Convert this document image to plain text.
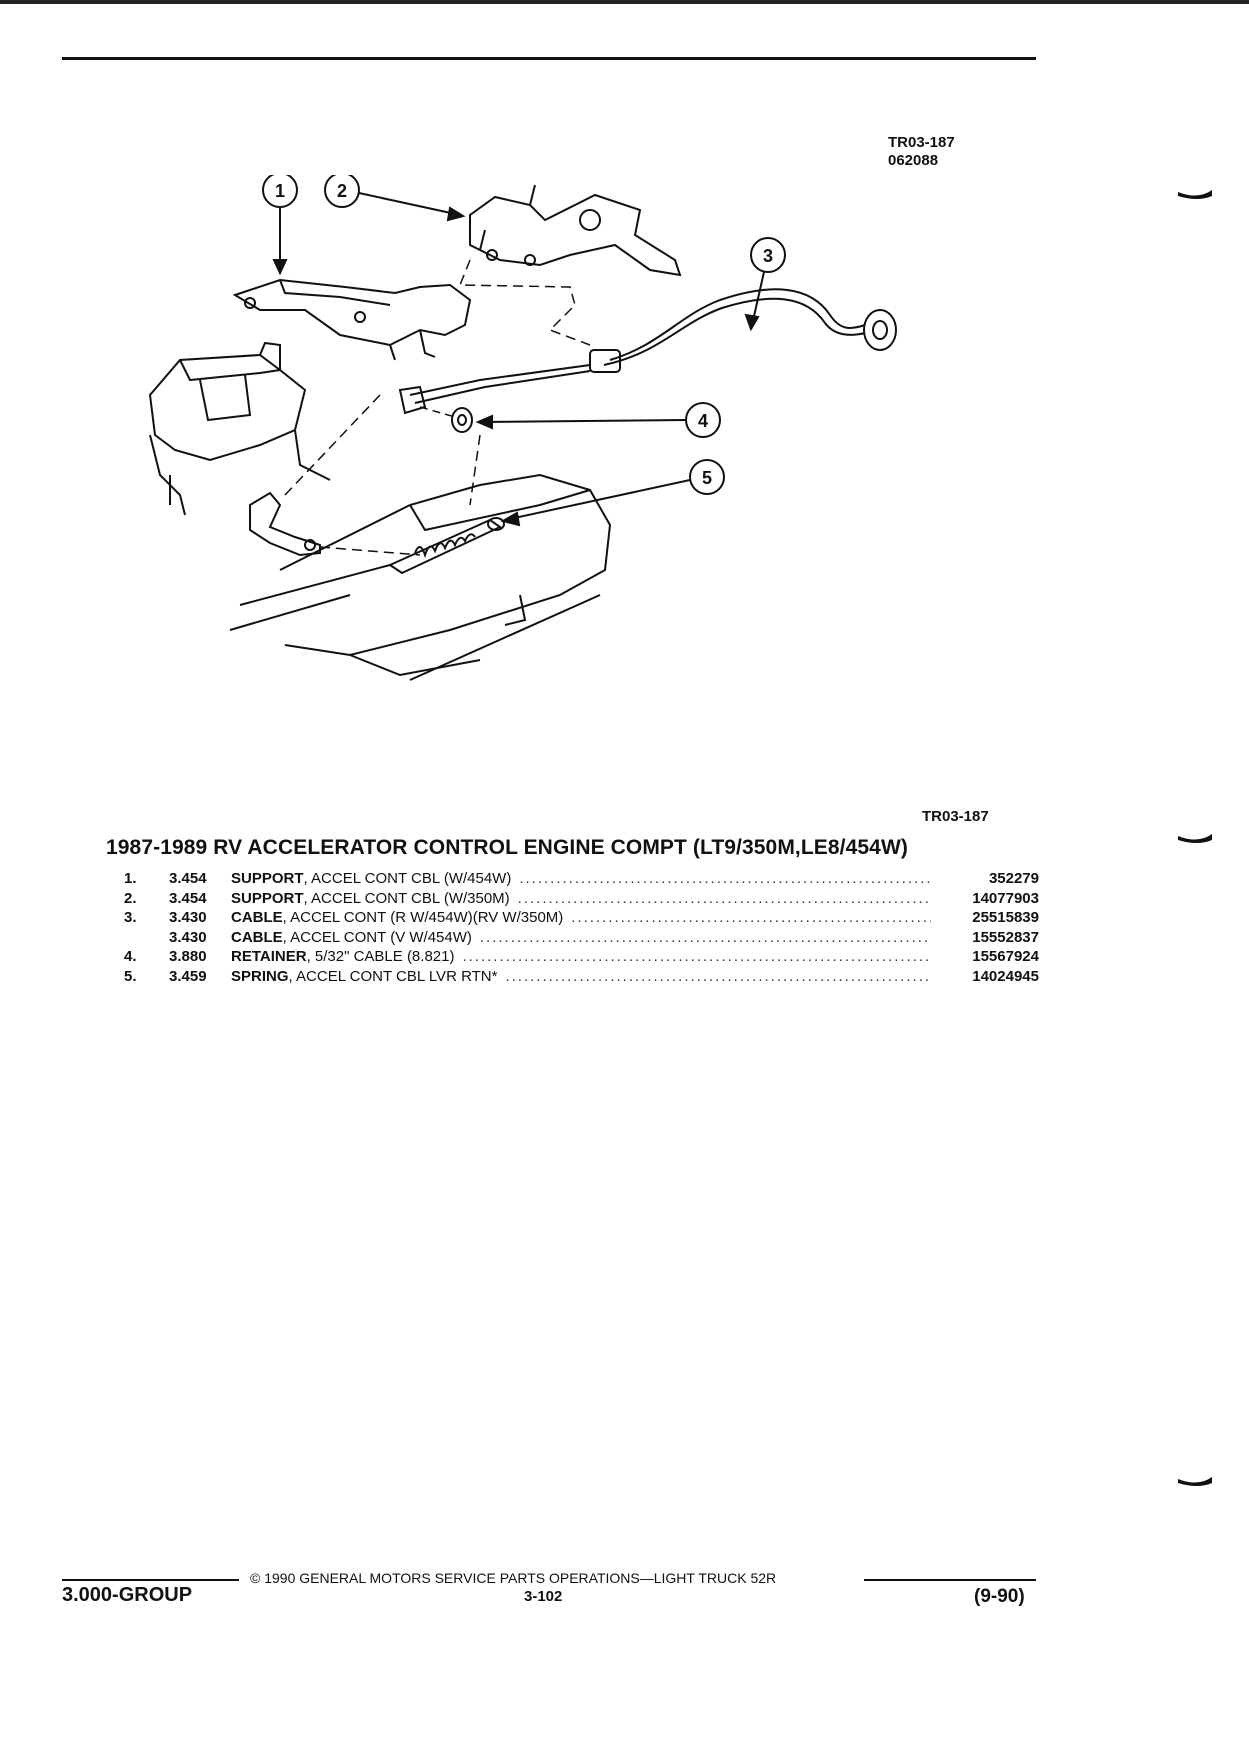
TR03-187
062088
1	2
3
4
5
TR03-187
1987-1989 RV ACCELERATOR CONTROL ENGINE COMPT (LT9/350M,LE8/454W)
1.	3.454	SUPPORT, ACCEL CONT CBL (W/454W) .....	352279
2.	3.454	SUPPORT, ACCEL CONT CBL (W/350M) .....	14077903
3.	3.430	CABLE, ACCEL CONT (R W/454W)(RV W/350M) .....	25515839
3.430	CABLE, ACCEL CONT (V W/454W) .....	15552837
4.	3.880	RETAINER, 5/32" CABLE (8.821) .....	15567924
5.	3.459	SPRING, ACCEL CONT CBL LVR RTN* .....	14024945
© 1990 GENERAL MOTORS SERVICE PARTS OPERATIONS—LIGHT TRUCK 52R
3.000-GROUP	3-102	(9-90)
